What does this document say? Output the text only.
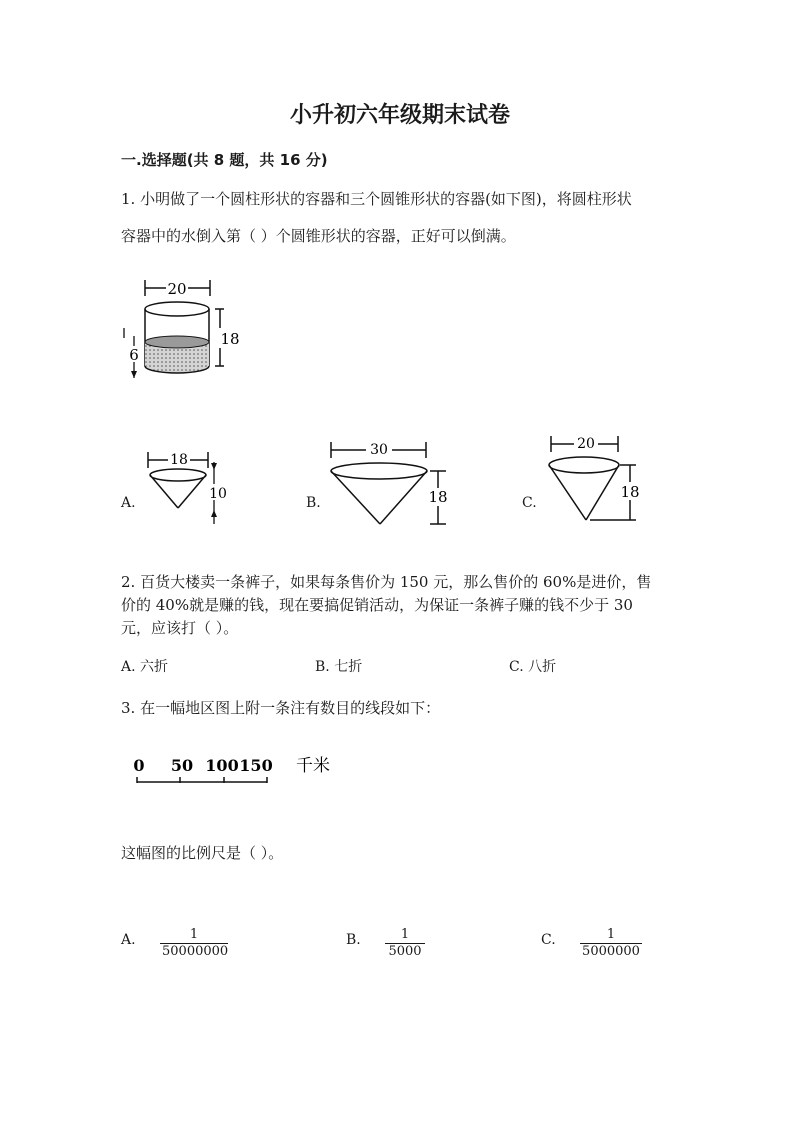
小升初六年级期末试卷
一.选择题(共 8 题，共 16 分)
1. 小明做了一个圆柱形状的容器和三个圆锥形状的容器(如下图)，将圆柱形状
容器中的水倒入第（ ）个圆锥形状的容器，正好可以倒满。
20
18
6
A.
18
10
B.
30
18	C.
20
18
2. 百货大楼卖一条裤子，如果每条售价为 150 元，那么售价的 60%是进价，售
价的 40%就是赚的钱，现在要搞促销活动，为保证一条裤子赚的钱不少于 30
元，应该打（ ）。
A. 六折	B. 七折	C. 八折
3. 在一幅地区图上附一条注有数目的线段如下：
0 50 100 150 千米
这幅图的比例尺是（ ）。
A. $\frac{1}{50000000}$	B. $\frac{1}{5000}$	C. $\frac{1}{5000000}$
